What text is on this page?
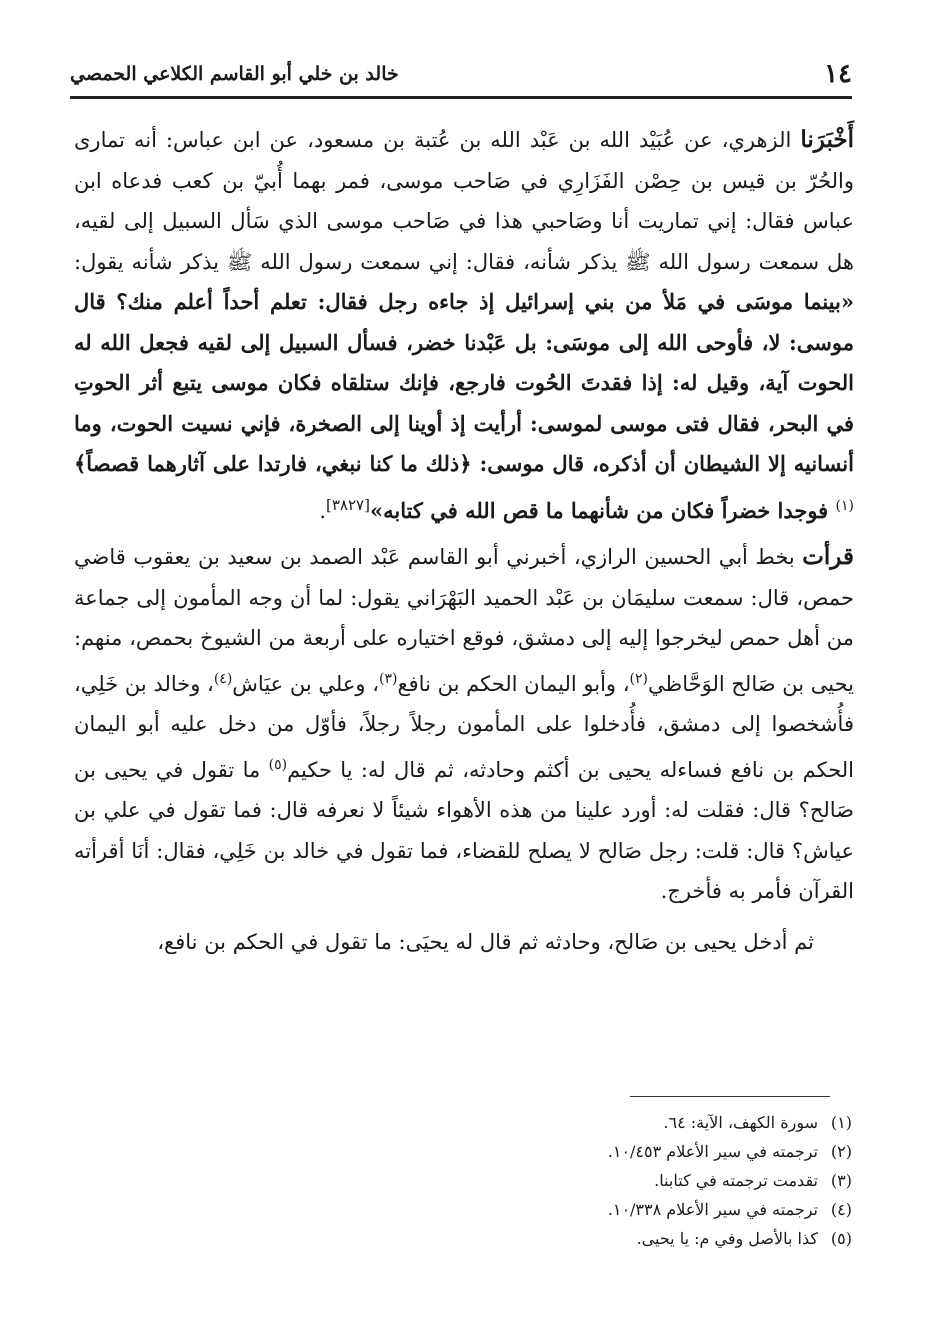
١٤
خالد بن خلي أبو القاسم الكلاعي الحمصي

أَخْبَرَنا الزهري، عن عُبَيْد الله بن عَبْد الله بن عُتبة بن مسعود، عن ابن عباس: أنه تمارى والحُرّ بن قيس بن حِصْن الفَزَارِي في صَاحب موسى، فمر بهما أُبيّ بن كعب فدعاه ابن عباس فقال: إني تماريت أنا وصَاحبي هذا في صَاحب موسى الذي سَأل السبيل إلى لقيه، هل سمعت رسول الله ﷺ يذكر شأنه، فقال: إني سمعت رسول الله ﷺ يذكر شأنه يقول: «بينما موسَى في مَلأ من بني إسرائيل إذ جاءه رجل فقال: تعلم أحداً أعلم منك؟ قال موسى: لا، فأوحى الله إلى موسَى: بل عَبْدنا خضر، فسأل السبيل إلى لقيه فجعل الله له الحوت آية، وقيل له: إذا فقدتَ الحُوت فارجع، فإنك ستلقاه فكان موسى يتبع أثر الحوتِ في البحر، فقال فتى موسى لموسى: أرأيت إذ أوينا إلى الصخرة، فإني نسيت الحوت، وما أنسانيه إلا الشيطان أن أذكره، قال موسى: ﴿ذلك ما كنا نبغي، فارتدا على آثارهما قصصاً﴾$^{(١)}$ فوجدا خضراً فكان من شأنهما ما قص الله في كتابه»[٣٨٢٧].

قرأت بخط أبي الحسين الرازي، أخبرني أبو القاسم عَبْد الصمد بن سعيد بن يعقوب قاضي حمص، قال: سمعت سليمَان بن عَبْد الحميد البَهْرَاني يقول: لما أن وجه المأمون إلى جماعة من أهل حمص ليخرجوا إليه إلى دمشق، فوقع اختياره على أربعة من الشيوخ بحمص، منهم: يحيى بن صَالح الوَحَّاظي$^{(٢)}$، وأبو اليمان الحكم بن نافع$^{(٣)}$، وعلي بن عيَاش$^{(٤)}$، وخالد بن خَلِي، فأُشخصوا إلى دمشق، فأُدخلوا على المأمون رجلاً رجلاً، فأوّل من دخل عليه أبو اليمان الحكم بن نافع فساءله يحيى بن أكثم وحادثه، ثم قال له: يا حكيم$^{(٥)}$ ما تقول في يحيى بن صَالح؟ قال: فقلت له: أورد علينا من هذه الأهواء شيئاً لا نعرفه قال: فما تقول في علي بن عياش؟ قال: قلت: رجل صَالح لا يصلح للقضاء، فما تقول في خالد بن خَلِي، فقال: أنَا أقرأته القرآن فأمر به فأخرج.

ثم أدخل يحيى بن صَالح، وحادثه ثم قال له يحيَى: ما تقول في الحكم بن نافع،

(١)سورة الكهف، الآية: ٦٤.
(٢)ترجمته في سير الأعلام ١٠/٤٥٣.
(٣)تقدمت ترجمته في كتابنا.
(٤)ترجمته في سير الأعلام ١٠/٣٣٨.
(٥)كذا بالأصل وفي م: يا يحيى.
